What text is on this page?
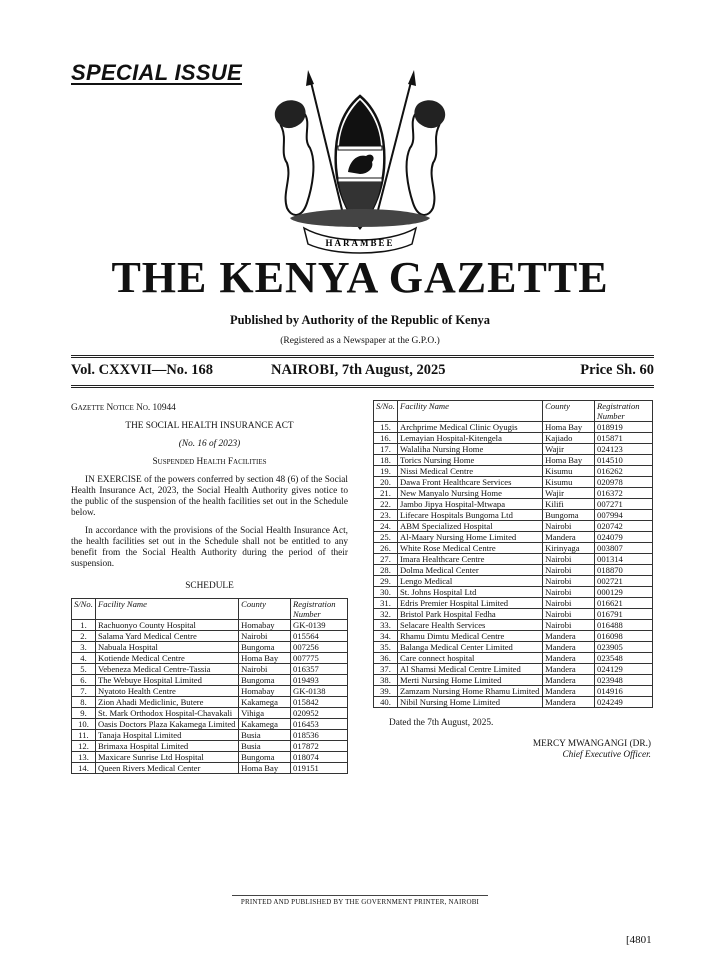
SPECIAL ISSUE
HARAMBEE
THE KENYA GAZETTE
Published by Authority of the Republic of Kenya
(Registered as a Newspaper at the G.P.O.)
Vol. CXXVII—No. 168	NAIROBI, 7th August, 2025	Price Sh. 60
Gazette Notice No. 10944
THE SOCIAL HEALTH INSURANCE ACT
(No. 16 of 2023)
Suspended Health Facilities

IN EXERCISE of the powers conferred by section 48 (6) of the Social Health Insurance Act, 2023, the Social Health Authority gives notice to the public of the suspension of the health facilities set out in the Schedule below.

In accordance with the provisions of the Social Health Insurance Act, the health facilities set out in the Schedule shall not be entitled to any benefit from the Social Health Authority during the period of their suspension.

SCHEDULE
S/No.	Facility Name	County	Registration Number
1.	Rachuonyo County Hospital	Homabay	GK-0139
2.	Salama Yard Medical Centre	Nairobi	015564
3.	Nabuala Hospital	Bungoma	007256
4.	Kotiende Medical Centre	Homa Bay	007775
5.	Vebeneza Medical Centre-Tassia	Nairobi	016357
6.	The Webuye Hospital Limited	Bungoma	019493
7.	Nyatoto Health Centre	Homabay	GK-0138
8.	Zion Ahadi Mediclinic, Butere	Kakamega	015842
9.	St. Mark Orthodox Hospital-Chavakali	Vihiga	020952
10.	Oasis Doctors Plaza Kakamega Limited	Kakamega	016453
11.	Tanaja Hospital Limited	Busia	018536
12.	Brimaxa Hospital Limited	Busia	017872
13.	Maxicare Sunrise Ltd Hospital	Bungoma	018074
14.	Queen Rivers Medical Center	Homa Bay	019151
S/No.	Facility Name	County	Registration Number
15.	Archprime Medical Clinic Oyugis	Homa Bay	018919
16.	Lemayian Hospital-Kitengela	Kajiado	015871
17.	Walaliha Nursing Home	Wajir	024123
18.	Torics Nursing Home	Homa Bay	014510
19.	Nissi Medical Centre	Kisumu	016262
20.	Dawa Front Healthcare Services	Kisumu	020978
21.	New Manyalo Nursing Home	Wajir	016372
22.	Jambo Jipya Hospital-Mtwapa	Kilifi	007271
23.	Lifecare Hospitals Bungoma Ltd	Bungoma	007994
24.	ABM Specialized Hospital	Nairobi	020742
25.	Al-Maary Nursing Home Limited	Mandera	024079
26.	White Rose Medical Centre	Kirinyaga	003807
27.	Imara Healthcare Centre	Nairobi	001314
28.	Dolma Medical Center	Nairobi	018870
29.	Lengo Medical	Nairobi	002721
30.	St. Johns Hospital Ltd	Nairobi	000129
31.	Edris Premier Hospital Limited	Nairobi	016621
32.	Bristol Park Hospital Fedha	Nairobi	016791
33.	Selacare Health Services	Nairobi	016488
34.	Rhamu Dimtu Medical Centre	Mandera	016098
35.	Balanga Medical Center Limited	Mandera	023905
36.	Care connect hospital	Mandera	023548
37.	Al Shamsi Medical Centre Limited	Mandera	024129
38.	Merti Nursing Home Limited	Mandera	023948
39.	Zamzam Nursing Home Rhamu Limited	Mandera	014916
40.	Nibil Nursing Home Limited	Mandera	024249
Dated the 7th August, 2025.
MERCY MWANGANGI (DR.)
Chief Executive Officer.
PRINTED AND PUBLISHED BY THE GOVERNMENT PRINTER, NAIROBI
[4801
